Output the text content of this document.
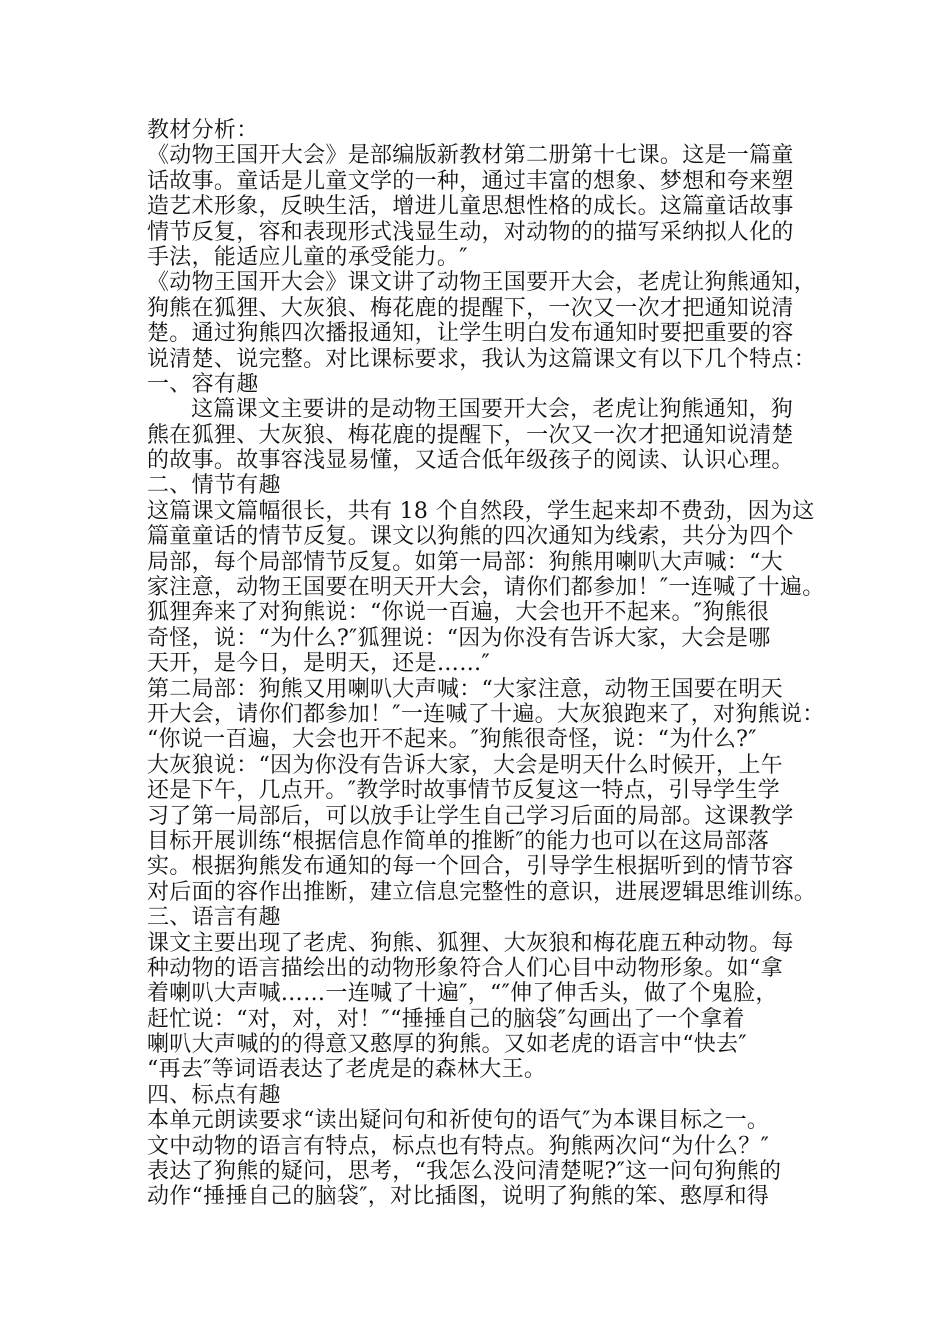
教材分析：
《动物王国开大会》是部编版新教材第二册第十七课。这是一篇童
话故事。童话是儿童文学的一种，通过丰富的想象、梦想和夸来塑
造艺术形象，反映生活，增进儿童思想性格的成长。这篇童话故事
情节反复，容和表现形式浅显生动，对动物的的描写采纳拟人化的
手法，能适应儿童的承受能力。″
《动物王国开大会》课文讲了动物王国要开大会，老虎让狗熊通知，
狗熊在狐狸、大灰狼、梅花鹿的提醒下，一次又一次才把通知说清
楚。通过狗熊四次播报通知，让学生明白发布通知时要把重要的容
说清楚、说完整。对比课标要求，我认为这篇课文有以下几个特点：
一、容有趣
这篇课文主要讲的是动物王国要开大会，老虎让狗熊通知，狗
熊在狐狸、大灰狼、梅花鹿的提醒下，一次又一次才把通知说清楚
的故事。故事容浅显易懂，又适合低年级孩子的阅读、认识心理。
二、情节有趣
这篇课文篇幅很长，共有 18 个自然段，学生起来却不费劲，因为这
篇童童话的情节反复。课文以狗熊的四次通知为线索，共分为四个
局部，每个局部情节反复。如第一局部：狗熊用喇叭大声喊：“大
家注意，动物王国要在明天开大会，请你们都参加！″一连喊了十遍。
狐狸奔来了对狗熊说：“你说一百遍，大会也开不起来。″狗熊很
奇怪，说：“为什么?″狐狸说：“因为你没有告诉大家，大会是哪
天开，是今日，是明天，还是……″
第二局部：狗熊又用喇叭大声喊：“大家注意，动物王国要在明天
开大会，请你们都参加！″一连喊了十遍。大灰狼跑来了，对狗熊说：
“你说一百遍，大会也开不起来。″狗熊很奇怪，说：“为什么?″
大灰狼说：“因为你没有告诉大家，大会是明天什么时候开，上午
还是下午，几点开。″教学时故事情节反复这一特点，引导学生学
习了第一局部后，可以放手让学生自己学习后面的局部。这课教学
目标开展训练“根据信息作简单的推断″的能力也可以在这局部落
实。根据狗熊发布通知的每一个回合，引导学生根据听到的情节容
对后面的容作出推断，建立信息完整性的意识，进展逻辑思维训练。
三、语言有趣
课文主要出现了老虎、狗熊、狐狸、大灰狼和梅花鹿五种动物。每
种动物的语言描绘出的动物形象符合人们心目中动物形象。如“拿
着喇叭大声喊……一连喊了十遍″，“″伸了伸舌头，做了个鬼脸，
赶忙说：“对，对，对！″“捶捶自己的脑袋″勾画出了一个拿着
喇叭大声喊的的得意又憨厚的狗熊。又如老虎的语言中“快去″
“再去″等词语表达了老虎是的森林大王。
四、标点有趣
本单元朗读要求“读出疑问句和祈使句的语气″为本课目标之一。
文中动物的语言有特点，标点也有特点。狗熊两次问“为什么？″
表达了狗熊的疑问，思考，“我怎么没问清楚呢?″这一问句狗熊的
动作“捶捶自己的脑袋″，对比插图，说明了狗熊的笨、憨厚和得
